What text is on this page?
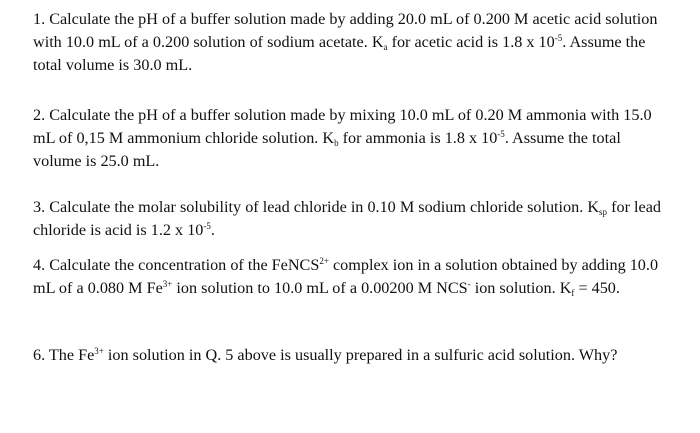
1. Calculate the pH of a buffer solution made by adding 20.0 mL of 0.200 M acetic acid solution with 10.0 mL of a 0.200 solution of sodium acetate. $K_a$ for acetic acid is 1.8 x $10^{-5}$. Assume the total volume is 30.0 mL.

2. Calculate the pH of a buffer solution made by mixing 10.0 mL of 0.20 M ammonia with 15.0 mL of 0,15 M ammonium chloride solution. $K_b$ for ammonia is 1.8 x $10^{-5}$. Assume the total volume is 25.0 mL.

3. Calculate the molar solubility of lead chloride in 0.10 M sodium chloride solution. $K_{sp}$ for lead chloride is acid is 1.2 x $10^{-5}$.

4. Calculate the concentration of the FeNCS$^{2+}$ complex ion in a solution obtained by adding 10.0 mL of a 0.080 M $Fe^{3+}$ ion solution to 10.0 mL of a 0.00200 M NCS- ion solution. $K_f = 450$.

6. The $Fe^{3+}$ ion solution in Q. 5 above is usually prepared in a sulfuric acid solution. Why?
